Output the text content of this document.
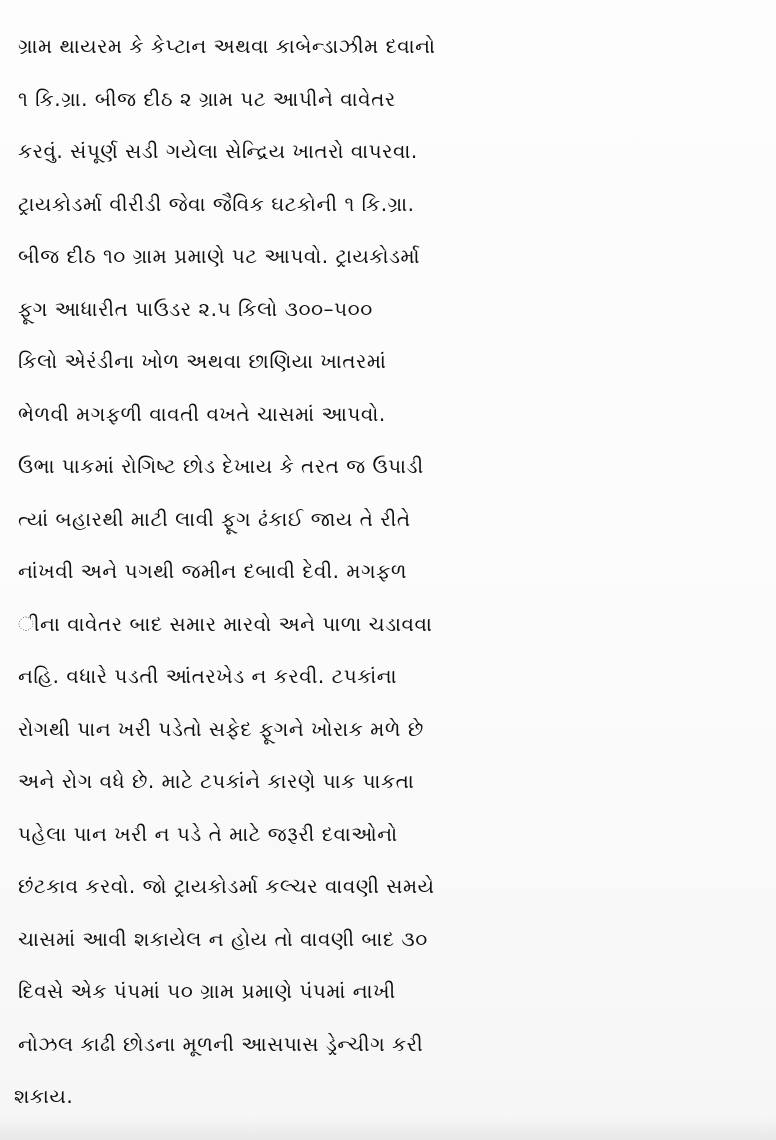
ગ્રામ થાયરમ કે કેપ્ટાન અથવા કાબેન્ડાઝીમ દવાનો
૧ કિ.ગ્રા. બીજ દીઠ ૨ ગ્રામ પટ આપીને વાવેતર
કરવું. સંપૂર્ણ સડી ગયેલા સેન્દ્રિય ખાતરો વાપરવા.
ટ્રાયકોડર્મા વીરીડી જેવા જૈવિક ઘટકોની ૧ કિ.ગ્રા.
બીજ દીઠ ૧૦ ગ્રામ પ્રમાણે પટ આપવો. ટ્રાયકોડર્મા
ફૂગ આધારીત પાઉડર ૨.૫ કિલો ૩૦૦–૫૦૦
કિલો એરંડીના ખોળ અથવા છાણિયા ખાતરમાં
ભેળવી મગફળી વાવતી વખતે ચાસમાં આપવો.
ઉભા પાકમાં રોગિષ્ટ છોડ દેખાય કે તરત જ ઉપાડી
ત્યાં બહારથી માટી લાવી ફૂગ ઢંકાઈ જાય તે રીતે
નાંખવી અને પગથી જમીન દબાવી દેવી. મગફળ
ીના વાવેતર બાદ સમાર મારવો અને પાળા ચડાવવા
નહિ. વધારે પડતી આંતરખેડ ન કરવી. ટપકાંના
રોગથી પાન ખરી પડેતો સફેદ ફૂગને ખોરાક મળે છે
અને રોગ વધે છે. માટે ટપકાંને કારણે પાક પાકતા
પહેલા પાન ખરી ન પડે તે માટે જરૂરી દવાઓનો
છંટકાવ કરવો. જો ટ્રાયકોડર્મા કલ્ચર વાવણી સમયે
ચાસમાં આવી શકાયેલ ન હોય તો વાવણી બાદ ૩૦
દિવસે એક પંપમાં ૫૦ ગ્રામ પ્રમાણે પંપમાં નાખી
નોઝલ કાઢી છોડના મૂળની આસપાસ ડ્રેન્ચીગ કરી
શકાય.
